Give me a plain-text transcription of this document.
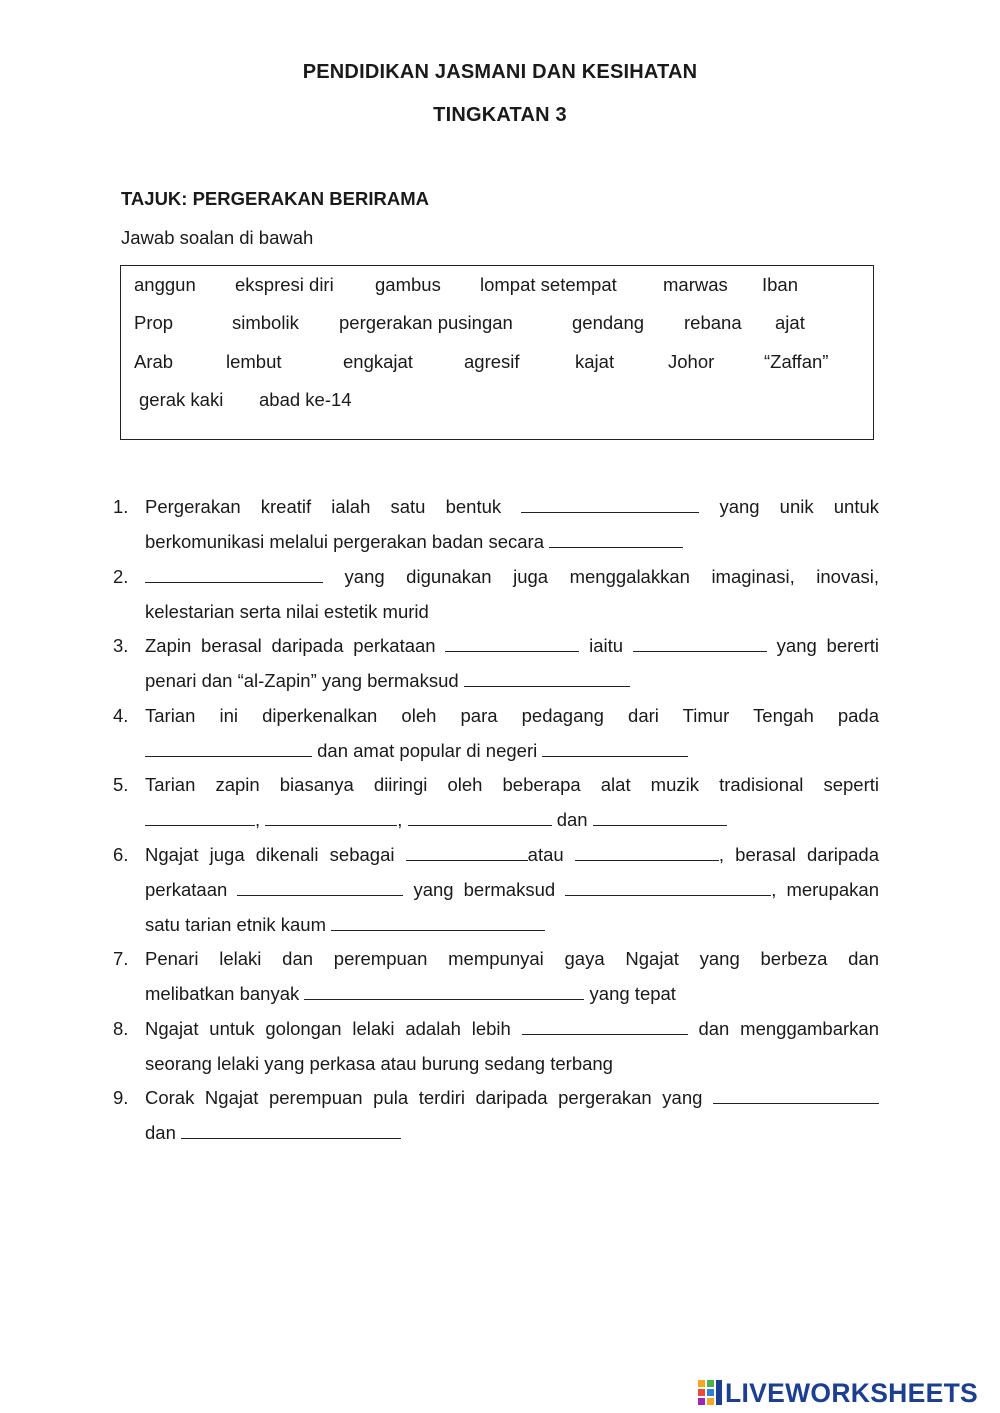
PENDIDIKAN JASMANI DAN KESIHATAN
TINGKATAN 3
TAJUK: PERGERAKAN BERIRAMA
Jawab soalan di bawah
anggun ekspresi diri gambus lompat setempat marwas Iban
Prop	simbolik pergerakan pusingan	gendang rebana ajat
Arab	lembut	engkajat	agresif	kajat	Johor	“Zaffan”
gerak kaki abad ke-14
1. Pergerakan kreatif ialah satu bentuk	yang unik untuk
berkomunikasi melalui pergerakan badan secara
2.	yang digunakan juga menggalakkan imaginasi, inovasi,
kelestarian serta nilai estetik murid
3. Zapin berasal daripada perkataan	iaitu	yang bererti
penari dan “al-Zapin” yang bermaksud
4. Tarian ini diperkenalkan oleh para pedagang dari Timur Tengah pada
dan amat popular di negeri
5. Tarian zapin biasanya diiringi oleh beberapa alat muzik tradisional seperti
,	,	dan
6. Ngajat juga dikenali sebagai	atau	, berasal daripada
perkataan	yang bermaksud	, merupakan
satu tarian etnik kaum
7. Penari lelaki dan perempuan mempunyai gaya Ngajat yang berbeza dan
melibatkan banyak	yang tepat
8. Ngajat untuk golongan lelaki adalah lebih	dan menggambarkan
seorang lelaki yang perkasa atau burung sedang terbang
9. Corak Ngajat perempuan pula terdiri daripada pergerakan yang
dan
LIVEWORKSHEETS
